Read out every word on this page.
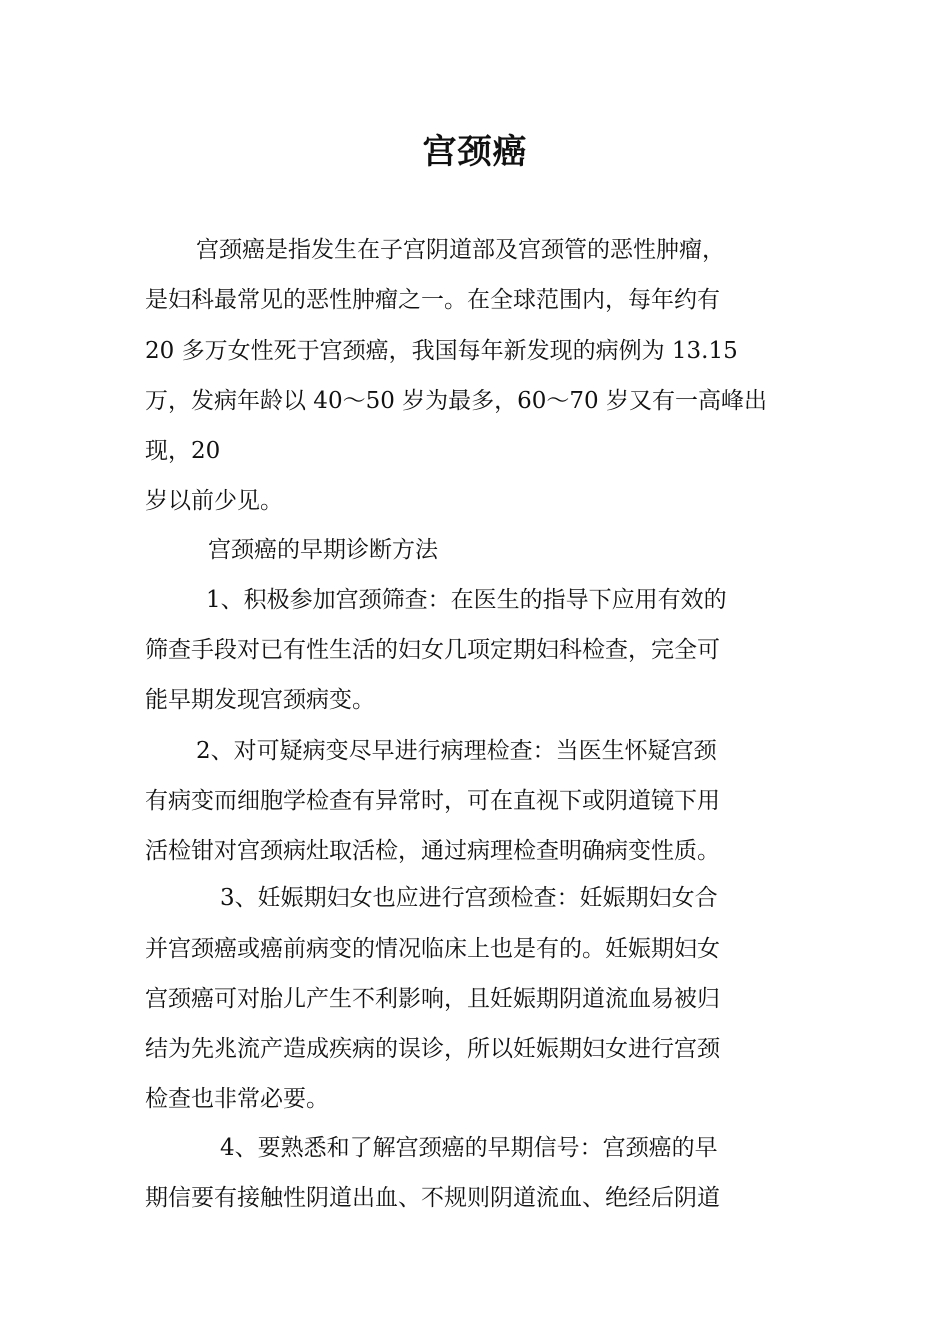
宫颈癌
宫颈癌是指发生在子宫阴道部及宫颈管的恶性肿瘤，
是妇科最常见的恶性肿瘤之一。在全球范围内，每年约有
20 多万女性死于宫颈癌，我国每年新发现的病例为 13.15
万，发病年龄以 40～50 岁为最多，60～70 岁又有一高峰出
现，20
岁以前少见。
宫颈癌的早期诊断方法
1、积极参加宫颈筛查：在医生的指导下应用有效的
筛查手段对已有性生活的妇女几项定期妇科检查，完全可
能早期发现宫颈病变。
2、对可疑病变尽早进行病理检查：当医生怀疑宫颈
有病变而细胞学检查有异常时，可在直视下或阴道镜下用
活检钳对宫颈病灶取活检，通过病理检查明确病变性质。
3、妊娠期妇女也应进行宫颈检查：妊娠期妇女合
并宫颈癌或癌前病变的情况临床上也是有的。妊娠期妇女
宫颈癌可对胎儿产生不利影响，且妊娠期阴道流血易被归
结为先兆流产造成疾病的误诊，所以妊娠期妇女进行宫颈
检查也非常必要。
4、要熟悉和了解宫颈癌的早期信号：宫颈癌的早
期信要有接触性阴道出血、不规则阴道流血、绝经后阴道
